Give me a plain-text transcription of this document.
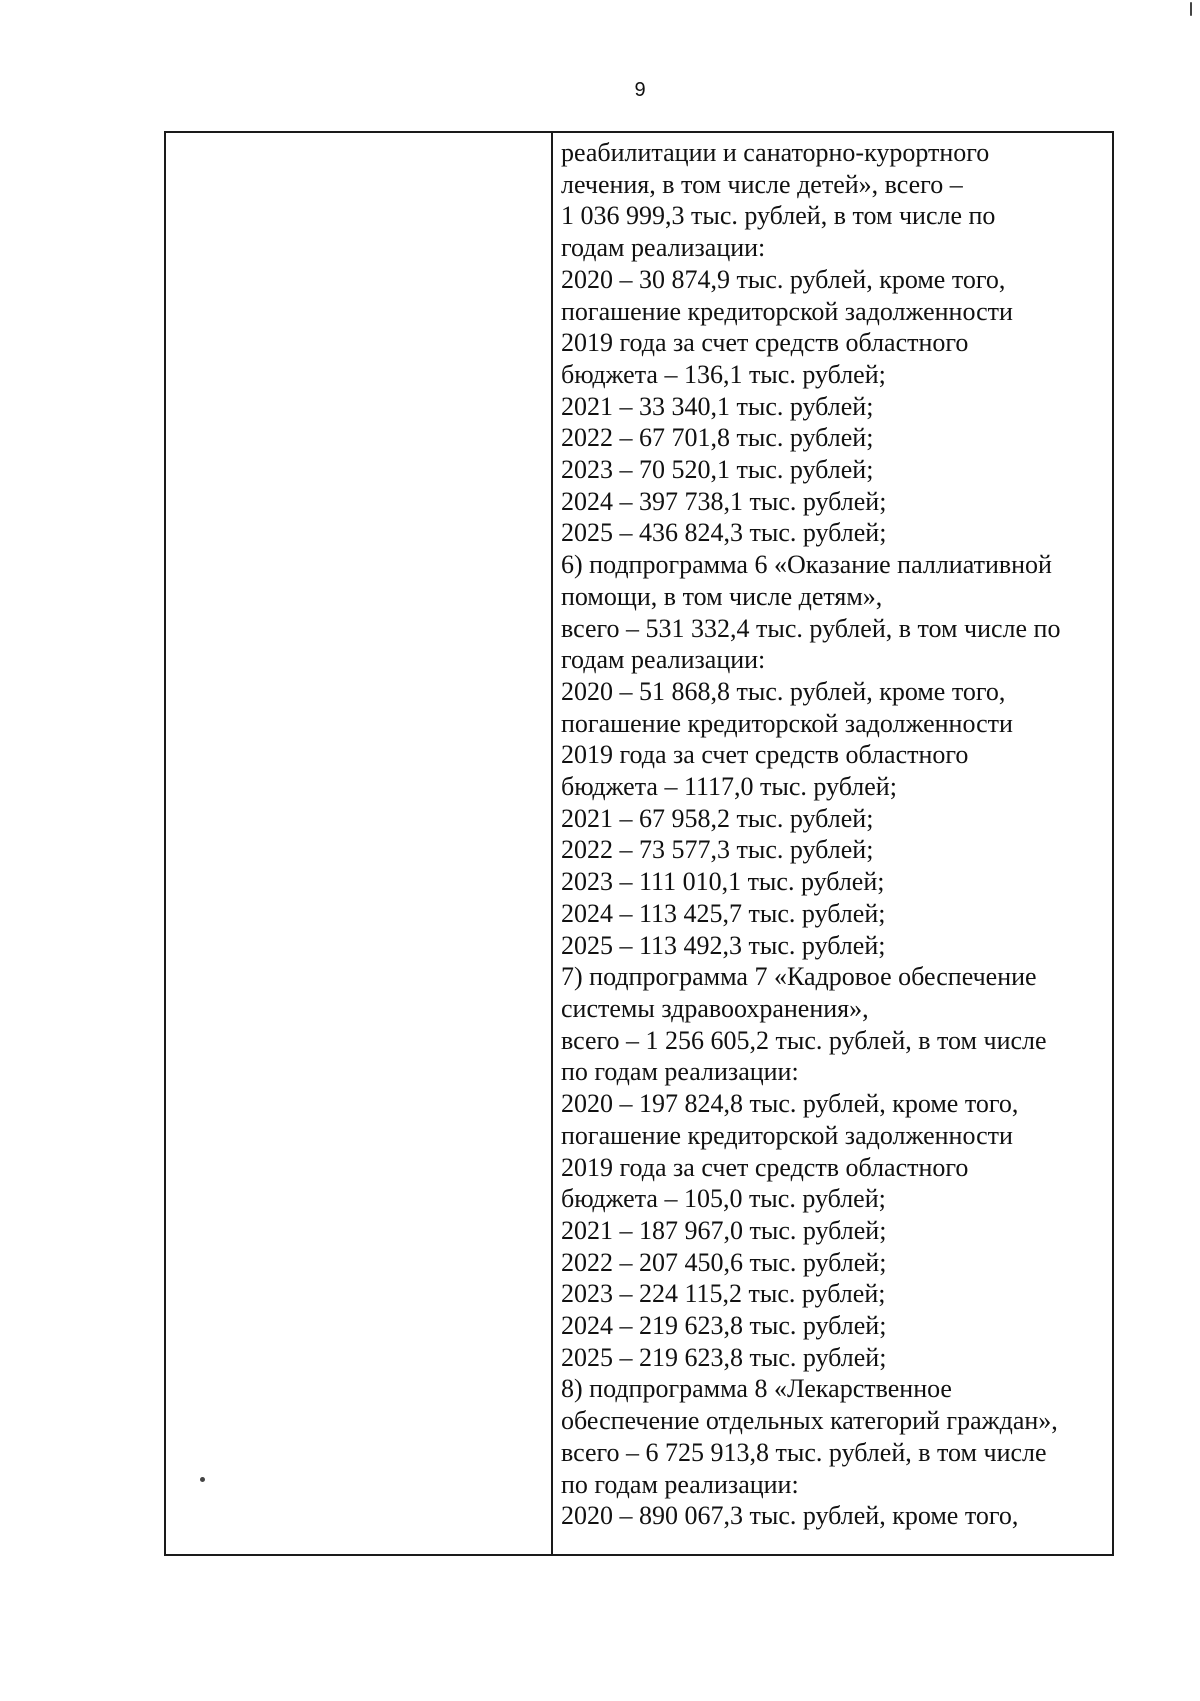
9
реабилитации и санаторно-курортного
лечения, в том числе детей», всего –
1 036 999,3 тыс. рублей, в том числе по
годам реализации:
2020 – 30 874,9 тыс. рублей, кроме того,
погашение кредиторской задолженности
2019 года за счет средств областного
бюджета – 136,1 тыс. рублей;
2021 – 33 340,1 тыс. рублей;
2022 – 67 701,8 тыс. рублей;
2023 – 70 520,1 тыс. рублей;
2024 – 397 738,1 тыс. рублей;
2025 – 436 824,3 тыс. рублей;
6) подпрограмма 6 «Оказание паллиативной
помощи, в том числе детям»,
всего – 531 332,4 тыс. рублей, в том числе по
годам реализации:
2020 – 51 868,8 тыс. рублей, кроме того,
погашение кредиторской задолженности
2019 года за счет средств областного
бюджета – 1117,0 тыс. рублей;
2021 – 67 958,2 тыс. рублей;
2022 – 73 577,3 тыс. рублей;
2023 – 111 010,1 тыс. рублей;
2024 – 113 425,7 тыс. рублей;
2025 – 113 492,3 тыс. рублей;
7) подпрограмма 7 «Кадровое обеспечение
системы здравоохранения»,
всего – 1 256 605,2 тыс. рублей, в том числе
по годам реализации:
2020 – 197 824,8 тыс. рублей, кроме того,
погашение кредиторской задолженности
2019 года за счет средств областного
бюджета – 105,0 тыс. рублей;
2021 – 187 967,0 тыс. рублей;
2022 – 207 450,6 тыс. рублей;
2023 – 224 115,2 тыс. рублей;
2024 – 219 623,8 тыс. рублей;
2025 – 219 623,8 тыс. рублей;
8) подпрограмма 8 «Лекарственное
обеспечение отдельных категорий граждан»,
всего – 6 725 913,8 тыс. рублей, в том числе
по годам реализации:
2020 – 890 067,3 тыс. рублей, кроме того,
